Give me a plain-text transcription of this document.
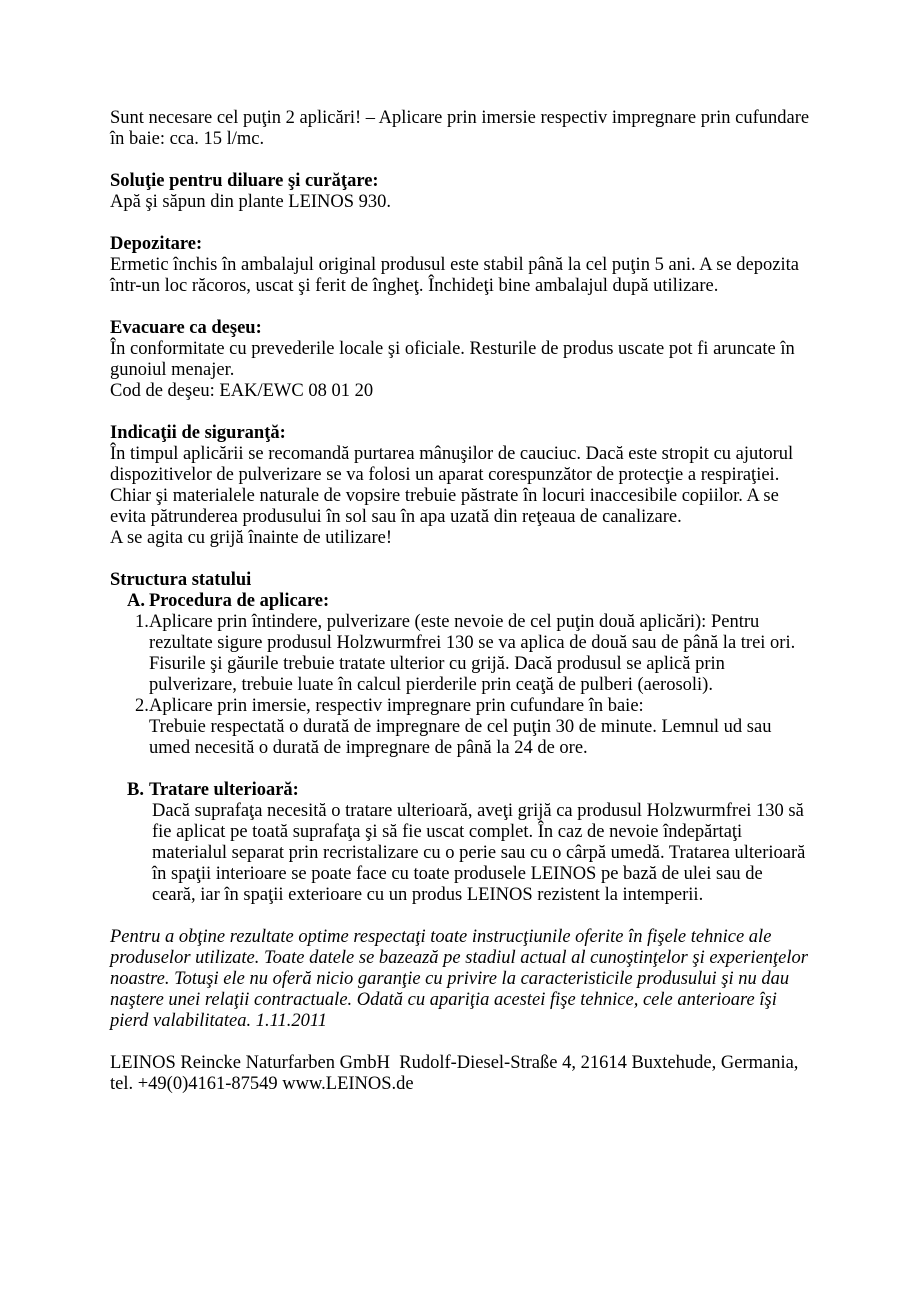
Sunt necesare cel puţin 2 aplicări! – Aplicare prin imersie respectiv impregnare prin cufundare în baie: cca. 15 l/mc.

Soluţie pentru diluare şi curăţare:
Apă şi săpun din plante LEINOS 930.
Depozitare:
Ermetic închis în ambalajul original produsul este stabil până la cel puţin 5 ani. A se depozita într-un loc răcoros, uscat şi ferit de îngheţ. Închideţi bine ambalajul după utilizare.
Evacuare ca deşeu:
În conformitate cu prevederile locale şi oficiale. Resturile de produs uscate pot fi aruncate în gunoiul menajer.
Cod de deşeu: EAK/EWC 08 01 20
Indicaţii de siguranţă:
În timpul aplicării se recomandă purtarea mânuşilor de cauciuc. Dacă este stropit cu ajutorul dispozitivelor de pulverizare se va folosi un aparat corespunzător de protecţie a respiraţiei. Chiar şi materialele naturale de vopsire trebuie păstrate în locuri inaccesibile copiilor. A se evita pătrunderea produsului în sol sau în apa uzată din reţeaua de canalizare.
A se agita cu grijă înainte de utilizare!
Structura statului
A. Procedura de aplicare:
1. Aplicare prin întindere, pulverizare (este nevoie de cel puţin două aplicări): Pentru rezultate sigure produsul Holzwurmfrei 130 se va aplica de două sau de până la trei ori. Fisurile şi găurile trebuie tratate ulterior cu grijă. Dacă produsul se aplică prin pulverizare, trebuie luate în calcul pierderile prin ceaţă de pulberi (aerosoli).
2. Aplicare prin imersie, respectiv impregnare prin cufundare în baie:
Trebuie respectată o durată de impregnare de cel puţin 30 de minute. Lemnul ud sau umed necesită o durată de impregnare de până la 24 de ore.
B. Tratare ulterioară:
Dacă suprafaţa necesită o tratare ulterioară, aveţi grijă ca produsul Holzwurmfrei 130 să fie aplicat pe toată suprafaţa şi să fie uscat complet. În caz de nevoie îndepărtaţi materialul separat prin recristalizare cu o perie sau cu o cârpă umedă. Tratarea ulterioară în spaţii interioare se poate face cu toate produsele LEINOS pe bază de ulei sau de ceară, iar în spaţii exterioare cu un produs LEINOS rezistent la intemperii.

Pentru a obţine rezultate optime respectaţi toate instrucţiunile oferite în fişele tehnice ale produselor utilizate. Toate datele se bazează pe stadiul actual al cunoştinţelor şi experienţelor noastre. Totuşi ele nu oferă nicio garanţie cu privire la caracteristicile produsului şi nu dau naştere unei relaţii contractuale. Odată cu apariţia acestei fişe tehnice, cele anterioare îşi pierd valabilitatea. 1.11.2011

LEINOS Reincke Naturfarben GmbH  Rudolf-Diesel-Straße 4, 21614 Buxtehude, Germania, tel. +49(0)4161-87549 www.LEINOS.de
